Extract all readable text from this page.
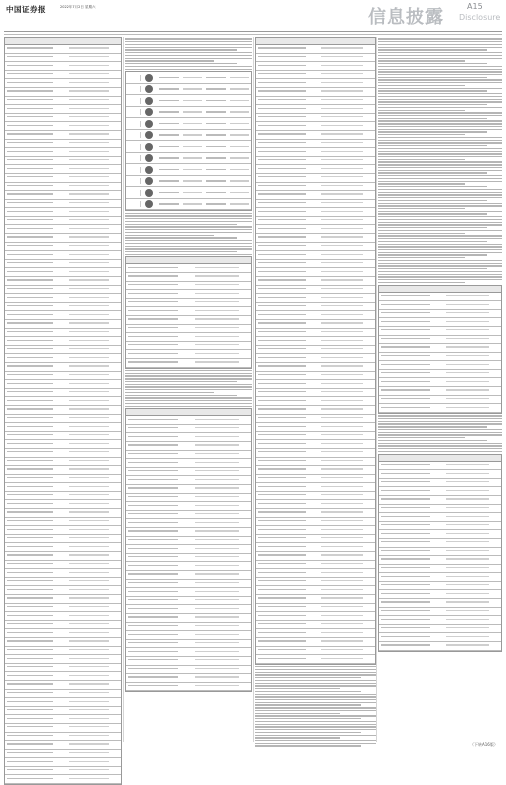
中国证券报	2022年7月2日 星期六	信息披露
A15
Disclosure
（下转A16版）
